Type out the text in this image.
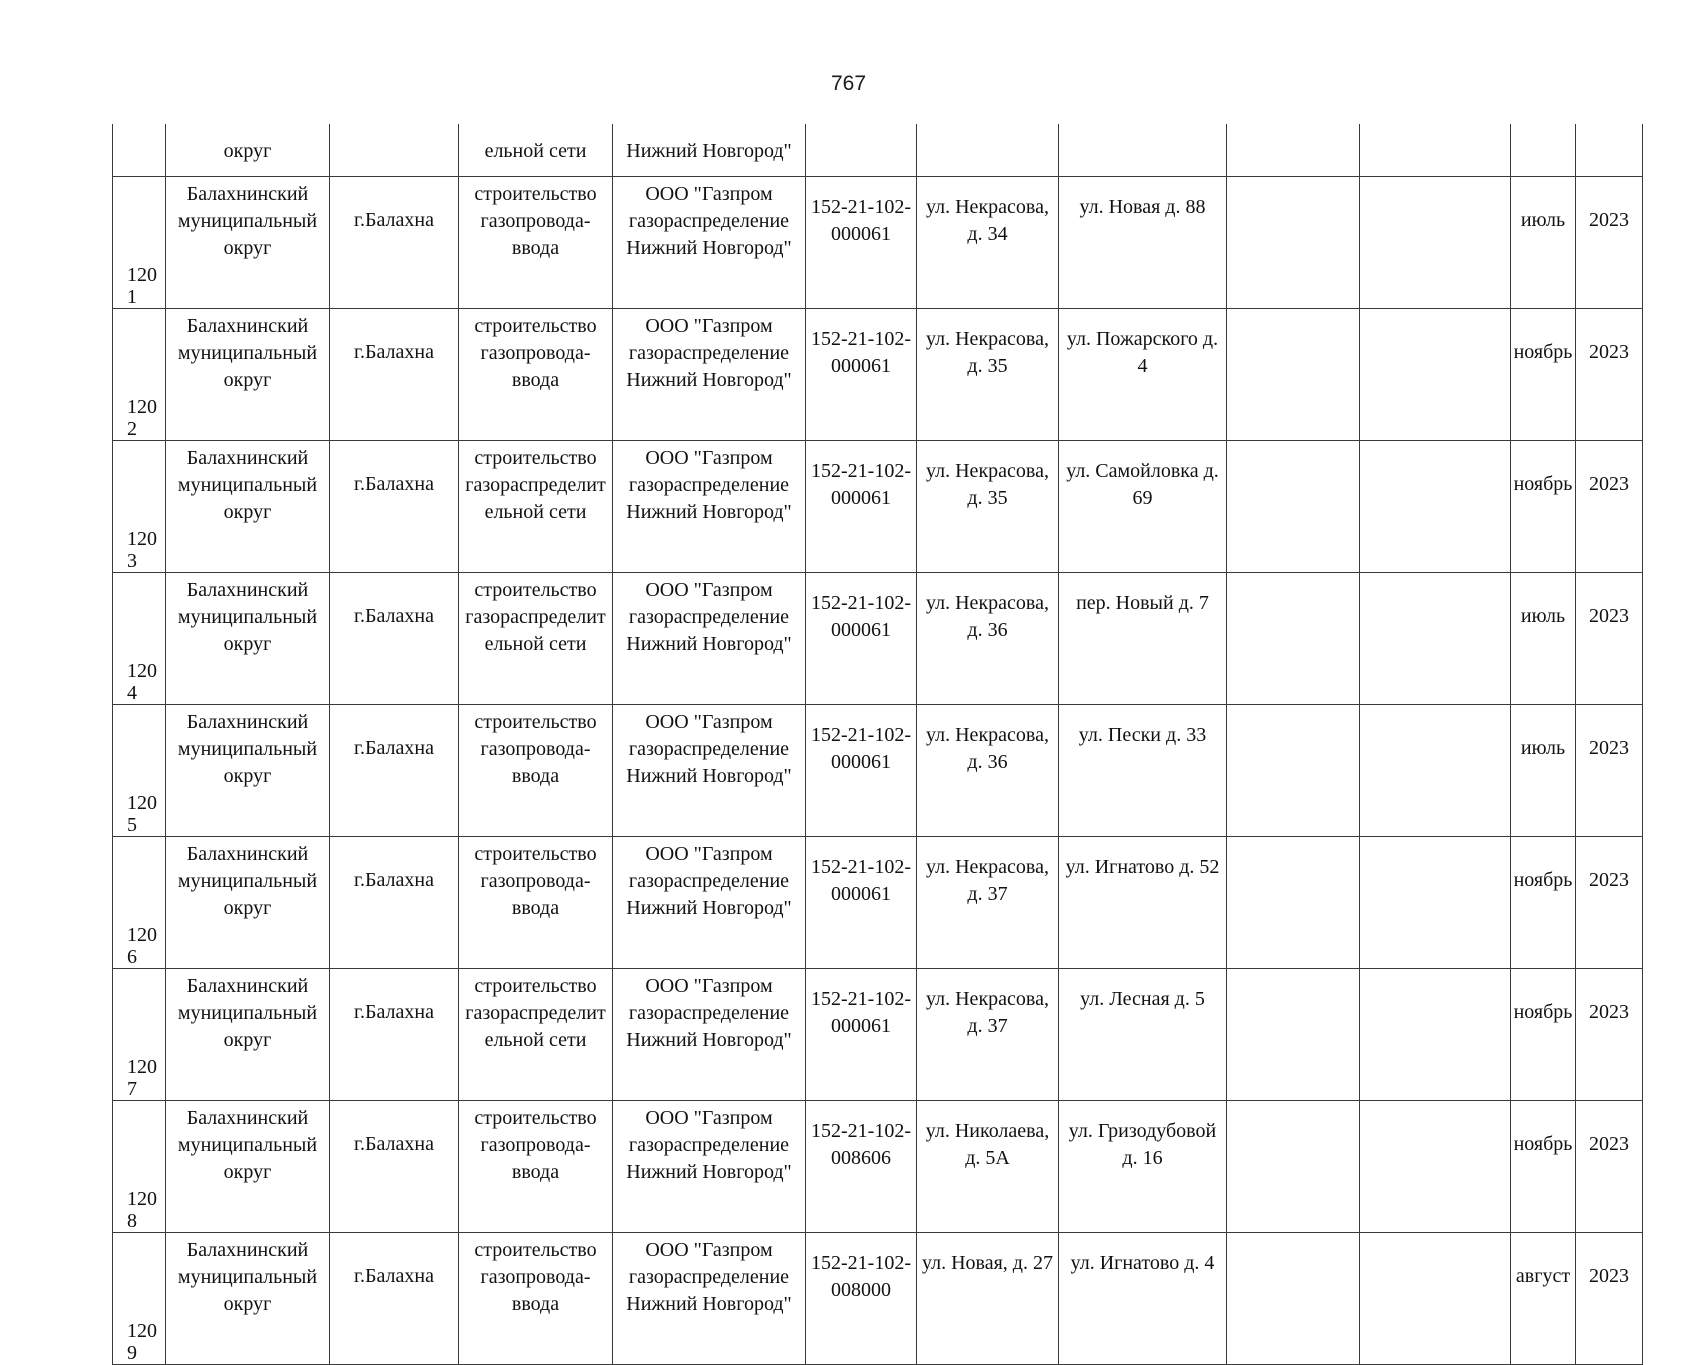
767
	округ		ельной сети	Нижний Новгород"							
1201	Балахнинский
муниципальный
округ	г.Балахна	строительство
газопровода-
ввода	ООО "Газпром
газораспределение
Нижний Новгород"	152-21-102-
000061	ул. Некрасова,
д. 34	ул. Новая д. 88			июль	2023
1202	Балахнинский
муниципальный
округ	г.Балахна	строительство
газопровода-
ввода	ООО "Газпром
газораспределение
Нижний Новгород"	152-21-102-
000061	ул. Некрасова,
д. 35	ул. Пожарского д.
4			ноябрь	2023
1203	Балахнинский
муниципальный
округ	г.Балахна	строительство
газораспределит
ельной сети	ООО "Газпром
газораспределение
Нижний Новгород"	152-21-102-
000061	ул. Некрасова,
д. 35	ул. Самойловка д.
69			ноябрь	2023
1204	Балахнинский
муниципальный
округ	г.Балахна	строительство
газораспределит
ельной сети	ООО "Газпром
газораспределение
Нижний Новгород"	152-21-102-
000061	ул. Некрасова,
д. 36	пер. Новый д. 7			июль	2023
1205	Балахнинский
муниципальный
округ	г.Балахна	строительство
газопровода-
ввода	ООО "Газпром
газораспределение
Нижний Новгород"	152-21-102-
000061	ул. Некрасова,
д. 36	ул. Пески д. 33			июль	2023
1206	Балахнинский
муниципальный
округ	г.Балахна	строительство
газопровода-
ввода	ООО "Газпром
газораспределение
Нижний Новгород"	152-21-102-
000061	ул. Некрасова,
д. 37	ул. Игнатово д. 52			ноябрь	2023
1207	Балахнинский
муниципальный
округ	г.Балахна	строительство
газораспределит
ельной сети	ООО "Газпром
газораспределение
Нижний Новгород"	152-21-102-
000061	ул. Некрасова,
д. 37	ул. Лесная д. 5			ноябрь	2023
1208	Балахнинский
муниципальный
округ	г.Балахна	строительство
газопровода-
ввода	ООО "Газпром
газораспределение
Нижний Новгород"	152-21-102-
008606	ул. Николаева,
д. 5А	ул. Гризодубовой
д. 16			ноябрь	2023
1209	Балахнинский
муниципальный
округ	г.Балахна	строительство
газопровода-
ввода	ООО "Газпром
газораспределение
Нижний Новгород"	152-21-102-
008000	ул. Новая, д. 27	ул. Игнатово д. 4			август	2023
